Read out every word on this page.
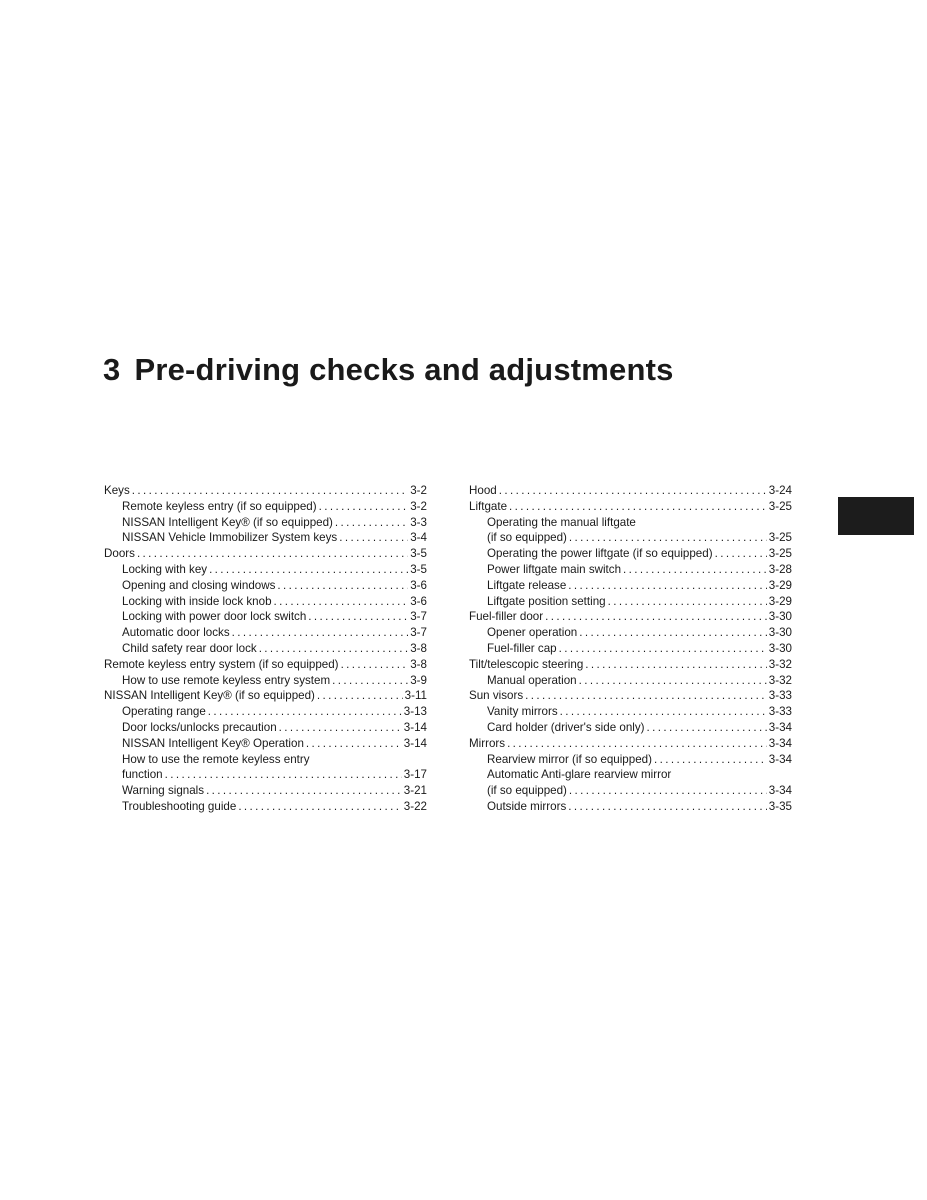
3 Pre-driving checks and adjustments
Keys .....	3-2
Remote keyless entry (if so equipped) .....	3-2
NISSAN Intelligent Key® (if so equipped) .....	3-3
NISSAN Vehicle Immobilizer System keys .....	3-4
Doors .....	3-5
Locking with key .....	3-5
Opening and closing windows .....	3-6
Locking with inside lock knob .....	3-6
Locking with power door lock switch .....	3-7
Automatic door locks .....	3-7
Child safety rear door lock .....	3-8
Remote keyless entry system (if so equipped) .....	3-8
How to use remote keyless entry system .....	3-9
NISSAN Intelligent Key® (if so equipped) .....	3-11
Operating range .....	3-13
Door locks/unlocks precaution .....	3-14
NISSAN Intelligent Key® Operation .....	3-14
How to use the remote keyless entry
function .....	3-17
Warning signals .....	3-21
Troubleshooting guide .....	3-22
Hood .....	3-24
Liftgate .....	3-25
Operating the manual liftgate
(if so equipped) .....	3-25
Operating the power liftgate (if so equipped) .....	3-25
Power liftgate main switch .....	3-28
Liftgate release .....	3-29
Liftgate position setting .....	3-29
Fuel-filler door .....	3-30
Opener operation .....	3-30
Fuel-filler cap .....	3-30
Tilt/telescopic steering .....	3-32
Manual operation .....	3-32
Sun visors .....	3-33
Vanity mirrors .....	3-33
Card holder (driver's side only) .....	3-34
Mirrors .....	3-34
Rearview mirror (if so equipped) .....	3-34
Automatic Anti-glare rearview mirror
(if so equipped) .....	3-34
Outside mirrors .....	3-35
